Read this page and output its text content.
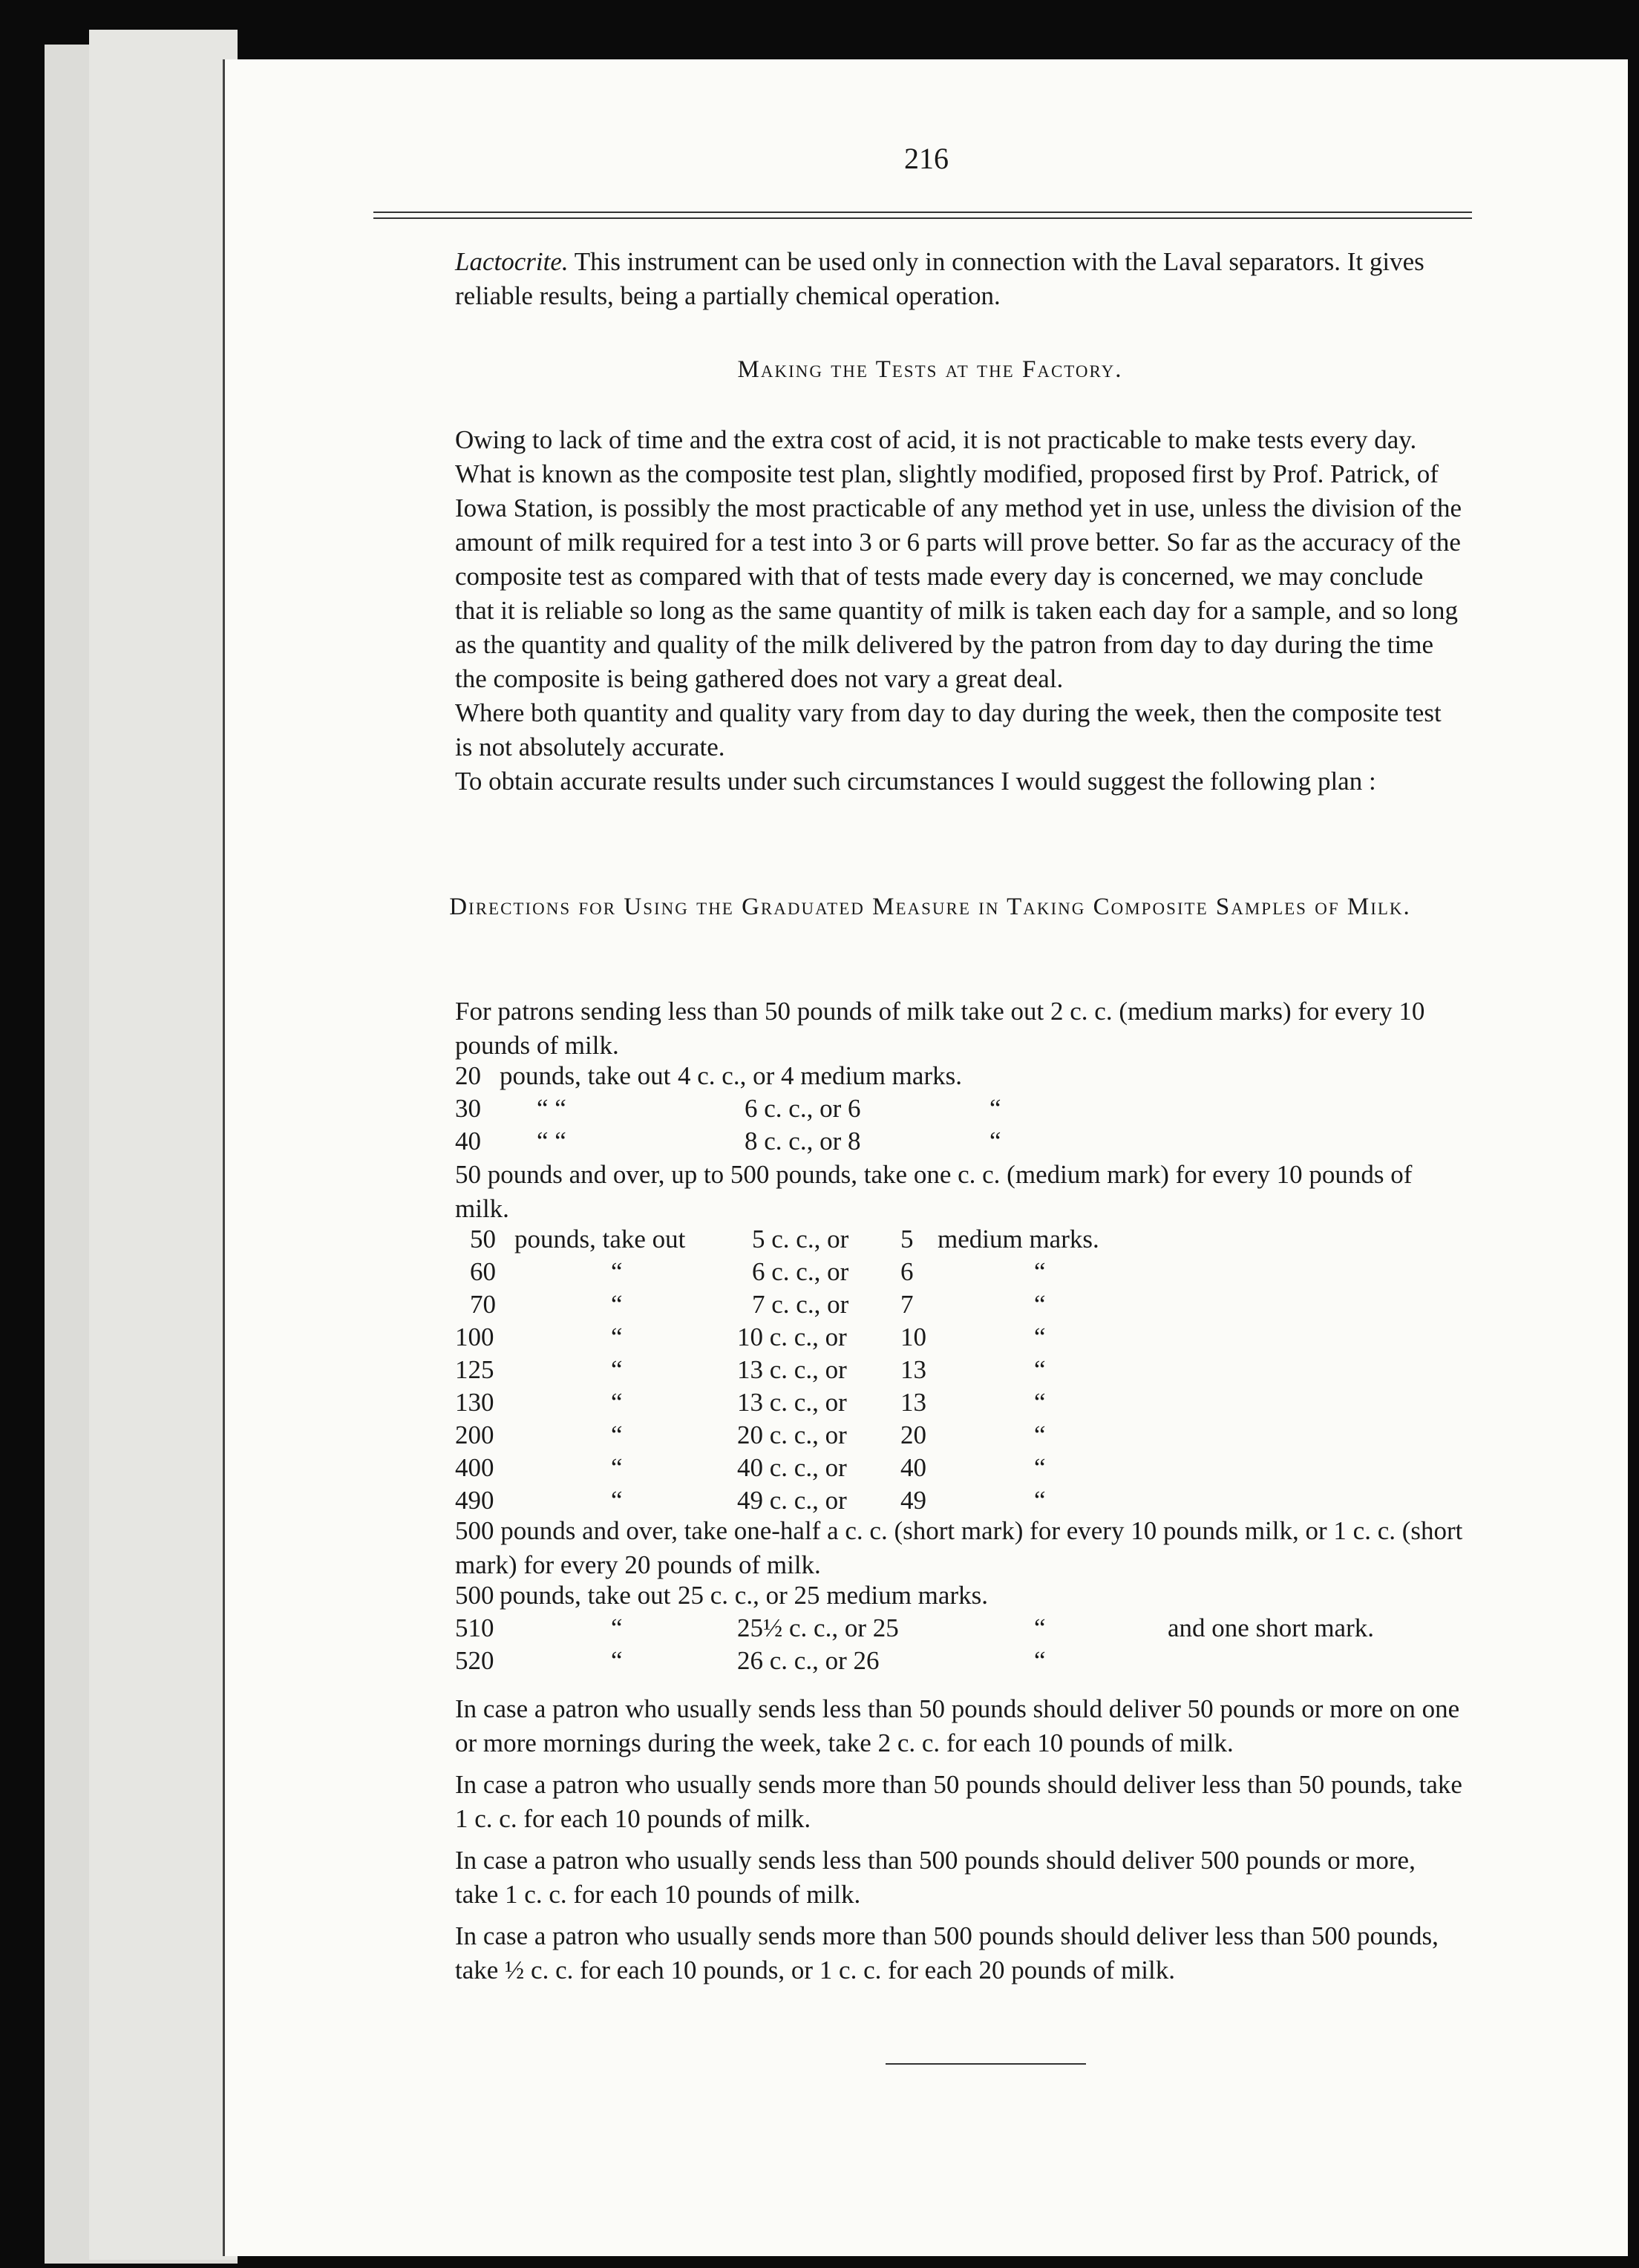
216

Lactocrite. This instrument can be used only in connection with the Laval separators. It gives reliable results, being a partially chemical operation.

Making the Tests at the Factory.

Owing to lack of time and the extra cost of acid, it is not practicable to make tests every day. What is known as the composite test plan, slightly modified, proposed first by Prof. Patrick, of Iowa Station, is possibly the most practicable of any method yet in use, unless the division of the amount of milk required for a test into 3 or 6 parts will prove better. So far as the accuracy of the composite test as compared with that of tests made every day is concerned, we may conclude that it is reliable so long as the same quantity of milk is taken each day for a sample, and so long as the quantity and quality of the milk delivered by the patron from day to day during the time the composite is being gathered does not vary a great deal.

Where both quantity and quality vary from day to day during the week, then the composite test is not absolutely accurate.

To obtain accurate results under such circumstances I would suggest the following plan :

Directions for Using the Graduated Measure in Taking Composite Samples of Milk.

For patrons sending less than 50 pounds of milk take out 2 c. c. (medium marks) for every 10 pounds of milk.

20 pounds, take out 4 c. c., or 4 medium marks.
30 “ “	6 c. c., or 6	“
40 “ “	8 c. c., or 8	“

50 pounds and over, up to 500 pounds, take one c. c. (medium mark) for every 10 pounds of milk.

50 pounds, take out	5 c. c., or 5 medium marks.
60	“	6 c. c., or 6	“
70	“	7 c. c., or 7	“
100	“	10 c. c., or 10	“
125	“	13 c. c., or 13	“
130	“	13 c. c., or 13	“
200	“	20 c. c., or 20	“
400	“	40 c. c., or 40	“
490	“	49 c. c., or 49	“

500 pounds and over, take one-half a c. c. (short mark) for every 10 pounds milk, or 1 c. c. (short mark) for every 20 pounds of milk.

500 pounds, take out 25 c. c., or 25 medium marks.
510	“	25½ c. c., or 25	“	and one short mark.
520	“	26 c. c., or 26	“

In case a patron who usually sends less than 50 pounds should deliver 50 pounds or more on one or more mornings during the week, take 2 c. c. for each 10 pounds of milk.

In case a patron who usually sends more than 50 pounds should deliver less than 50 pounds, take 1 c. c. for each 10 pounds of milk.

In case a patron who usually sends less than 500 pounds should deliver 500 pounds or more, take 1 c. c. for each 10 pounds of milk.

In case a patron who usually sends more than 500 pounds should deliver less than 500 pounds, take ½ c. c. for each 10 pounds, or 1 c. c. for each 20 pounds of milk.
